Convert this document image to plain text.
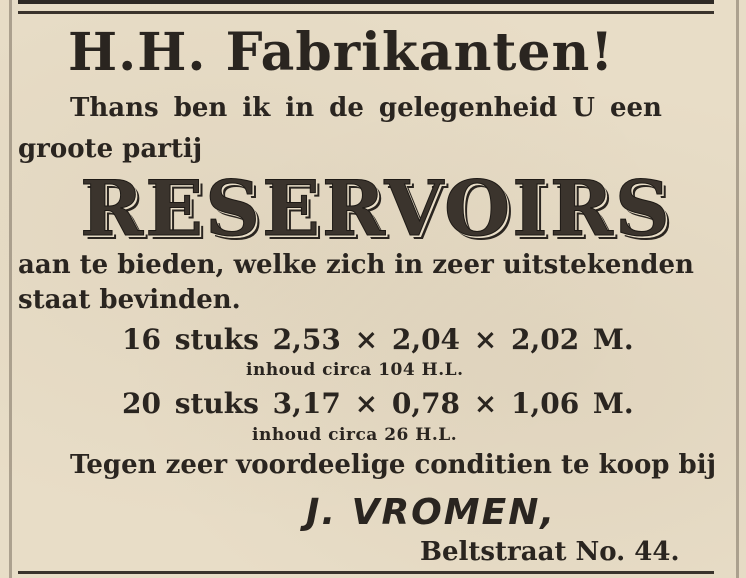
H.H. Fabrikanten!
Thans ben ik in de gelegenheid U een
groote partij
RESERVOIRS
aan te bieden, welke zich in zeer uitstekenden
staat bevinden.
16 stuks 2,53 × 2,04 × 2,02 M.
inhoud circa 104 H.L.
20 stuks 3,17 × 0,78 × 1,06 M.
inhoud circa 26 H.L.
Tegen zeer voordeelige conditien te koop bij
J. VROMEN,
Beltstraat No. 44.
